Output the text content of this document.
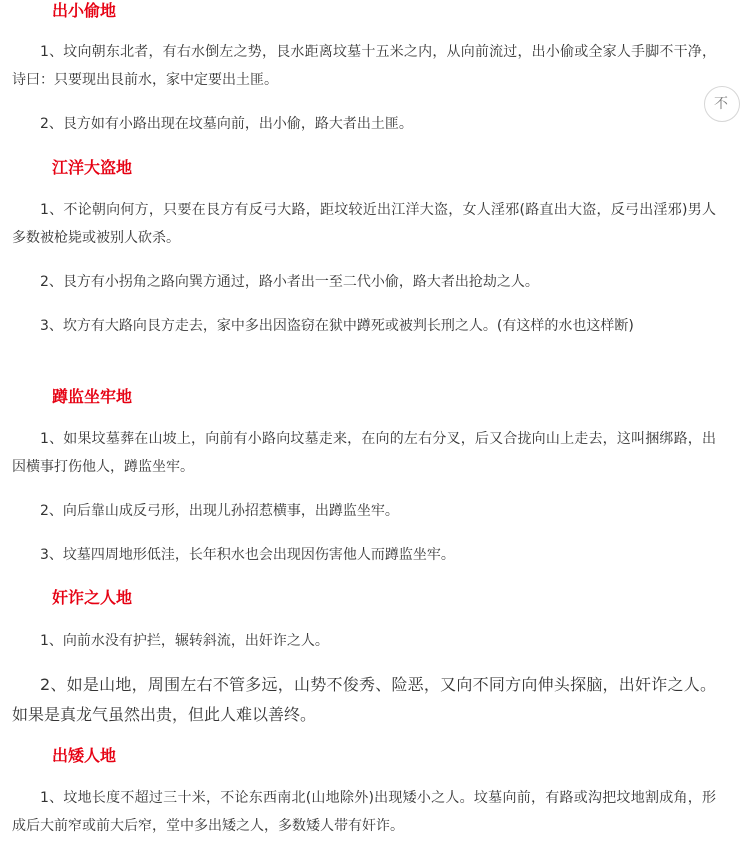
出小偷地

1、坟向朝东北者，有右水倒左之势，艮水距离坟墓十五米之内，从向前流过，出小偷或全家人手脚不干净，诗曰：只要现出艮前水，家中定要出土匪。

2、艮方如有小路出现在坟墓向前，出小偷，路大者出土匪。

江洋大盗地

1、不论朝向何方，只要在艮方有反弓大路，距坟较近出江洋大盗，女人淫邪(路直出大盗，反弓出淫邪)男人多数被枪毙或被别人砍杀。

2、艮方有小拐角之路向巽方通过，路小者出一至二代小偷，路大者出抢劫之人。

3、坎方有大路向艮方走去，家中多出因盗窃在狱中蹲死或被判长刑之人。(有这样的水也这样断)

蹲监坐牢地

1、如果坟墓葬在山坡上，向前有小路向坟墓走来，在向的左右分叉，后又合拢向山上走去，这叫捆绑路，出因横事打伤他人，蹲监坐牢。

2、向后靠山成反弓形，出现儿孙招惹横事，出蹲监坐牢。

3、坟墓四周地形低洼，长年积水也会出现因伤害他人而蹲监坐牢。

奸诈之人地

1、向前水没有护拦，辗转斜流，出奸诈之人。

2、如是山地，周围左右不管多远，山势不俊秀、险恶，又向不同方向伸头探脑，出奸诈之人。如果是真龙气虽然出贵，但此人难以善终。

出矮人地

1、坟地长度不超过三十米，不论东西南北(山地除外)出现矮小之人。坟墓向前，有路或沟把坟地割成角，形成后大前窄或前大后窄，堂中多出矮之人，多数矮人带有奸诈。

不
